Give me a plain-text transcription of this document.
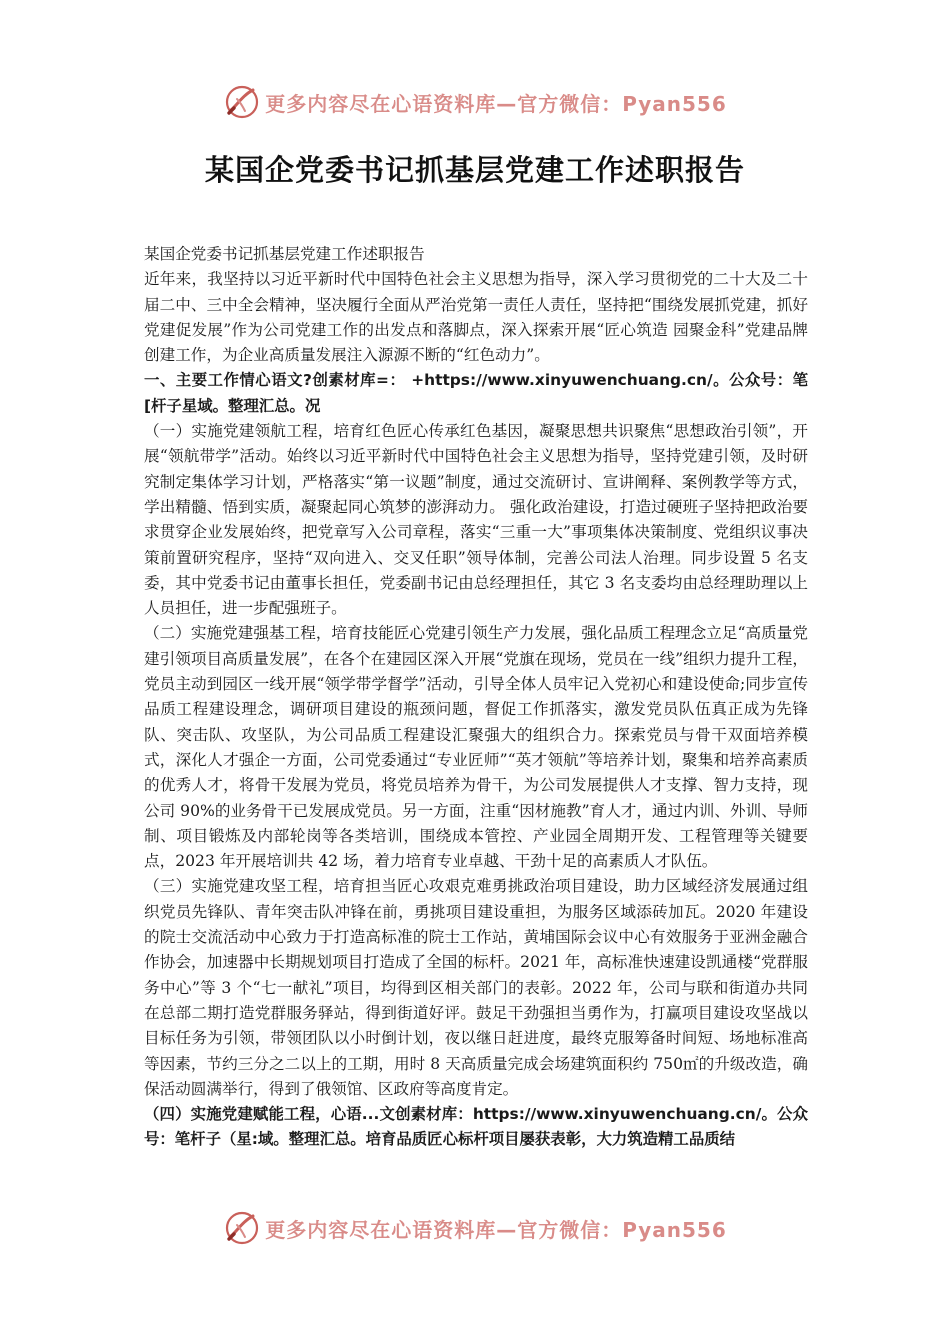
更多内容尽在心语资料库—官方微信：Pyan556
某国企党委书记抓基层党建工作述职报告

某国企党委书记抓基层党建工作述职报告

近年来，我坚持以习近平新时代中国特色社会主义思想为指导，深入学习贯彻党的二十大及二十届二中、三中全会精神，坚决履行全面从严治党第一责任人责任，坚持把“围绕发展抓党建，抓好党建促发展”作为公司党建工作的出发点和落脚点，深入探索开展“匠心筑造 园聚金科”党建品牌创建工作，为企业高质量发展注入源源不断的“红色动力”。

一、主要工作情心语文?创素材库=： +https://www.xinyuwenchuang.cn/。公众号：笔[杆子星域。整理汇总。况

（一）实施党建领航工程，培育红色匠心传承红色基因，凝聚思想共识聚焦“思想政治引领”，开展“领航带学”活动。始终以习近平新时代中国特色社会主义思想为指导，坚持党建引领，及时研究制定集体学习计划，严格落实“第一议题”制度，通过交流研讨、宣讲阐释、案例教学等方式，学出精髓、悟到实质，凝聚起同心筑梦的澎湃动力。 强化政治建设，打造过硬班子坚持把政治要求贯穿企业发展始终，把党章写入公司章程，落实“三重一大”事项集体决策制度、党组织议事决策前置研究程序，坚持“双向进入、交叉任职”领导体制，完善公司法人治理。同步设置 5 名支委，其中党委书记由董事长担任，党委副书记由总经理担任，其它 3 名支委均由总经理助理以上人员担任，进一步配强班子。

（二）实施党建强基工程，培育技能匠心党建引领生产力发展，强化品质工程理念立足“高质量党建引领项目高质量发展”，在各个在建园区深入开展“党旗在现场，党员在一线”组织力提升工程，党员主动到园区一线开展“领学带学督学”活动，引导全体人员牢记入党初心和建设使命;同步宣传品质工程建设理念，调研项目建设的瓶颈问题，督促工作抓落实，激发党员队伍真正成为先锋队、突击队、攻坚队，为公司品质工程建设汇聚强大的组织合力。探索党员与骨干双面培养模式，深化人才强企一方面，公司党委通过“专业匠师”“英才领航”等培养计划，聚集和培养高素质的优秀人才，将骨干发展为党员，将党员培养为骨干，为公司发展提供人才支撑、智力支持，现公司 90%的业务骨干已发展成党员。另一方面，注重“因材施教”育人才，通过内训、外训、导师制、项目锻炼及内部轮岗等各类培训，围绕成本管控、产业园全周期开发、工程管理等关键要点，2023 年开展培训共 42 场，着力培育专业卓越、干劲十足的高素质人才队伍。

（三）实施党建攻坚工程，培育担当匠心攻艰克难勇挑政治项目建设，助力区域经济发展通过组织党员先锋队、青年突击队冲锋在前，勇挑项目建设重担，为服务区域添砖加瓦。2020 年建设的院士交流活动中心致力于打造高标准的院士工作站，黄埔国际会议中心有效服务于亚洲金融合作协会，加速器中长期规划项目打造成了全国的标杆。2021 年，高标准快速建设凯通楼“党群服务中心”等 3 个“七一献礼”项目，均得到区相关部门的表彰。2022 年，公司与联和街道办共同在总部二期打造党群服务驿站，得到街道好评。鼓足干劲强担当勇作为，打赢项目建设攻坚战以目标任务为引领，带领团队以小时倒计划，夜以继日赶进度，最终克服筹备时间短、场地标准高等因素，节约三分之二以上的工期，用时 8 天高质量完成会场建筑面积约 750㎡的升级改造，确保活动圆满举行，得到了俄领馆、区政府等高度肯定。

（四）实施党建赋能工程，心语...文创素材库：https://www.xinyuwenchuang.cn/。公众号：笔杆子（星:域。整理汇总。培育品质匠心标杆项目屡获表彰，大力筑造精工品质结

更多内容尽在心语资料库—官方微信：Pyan556
